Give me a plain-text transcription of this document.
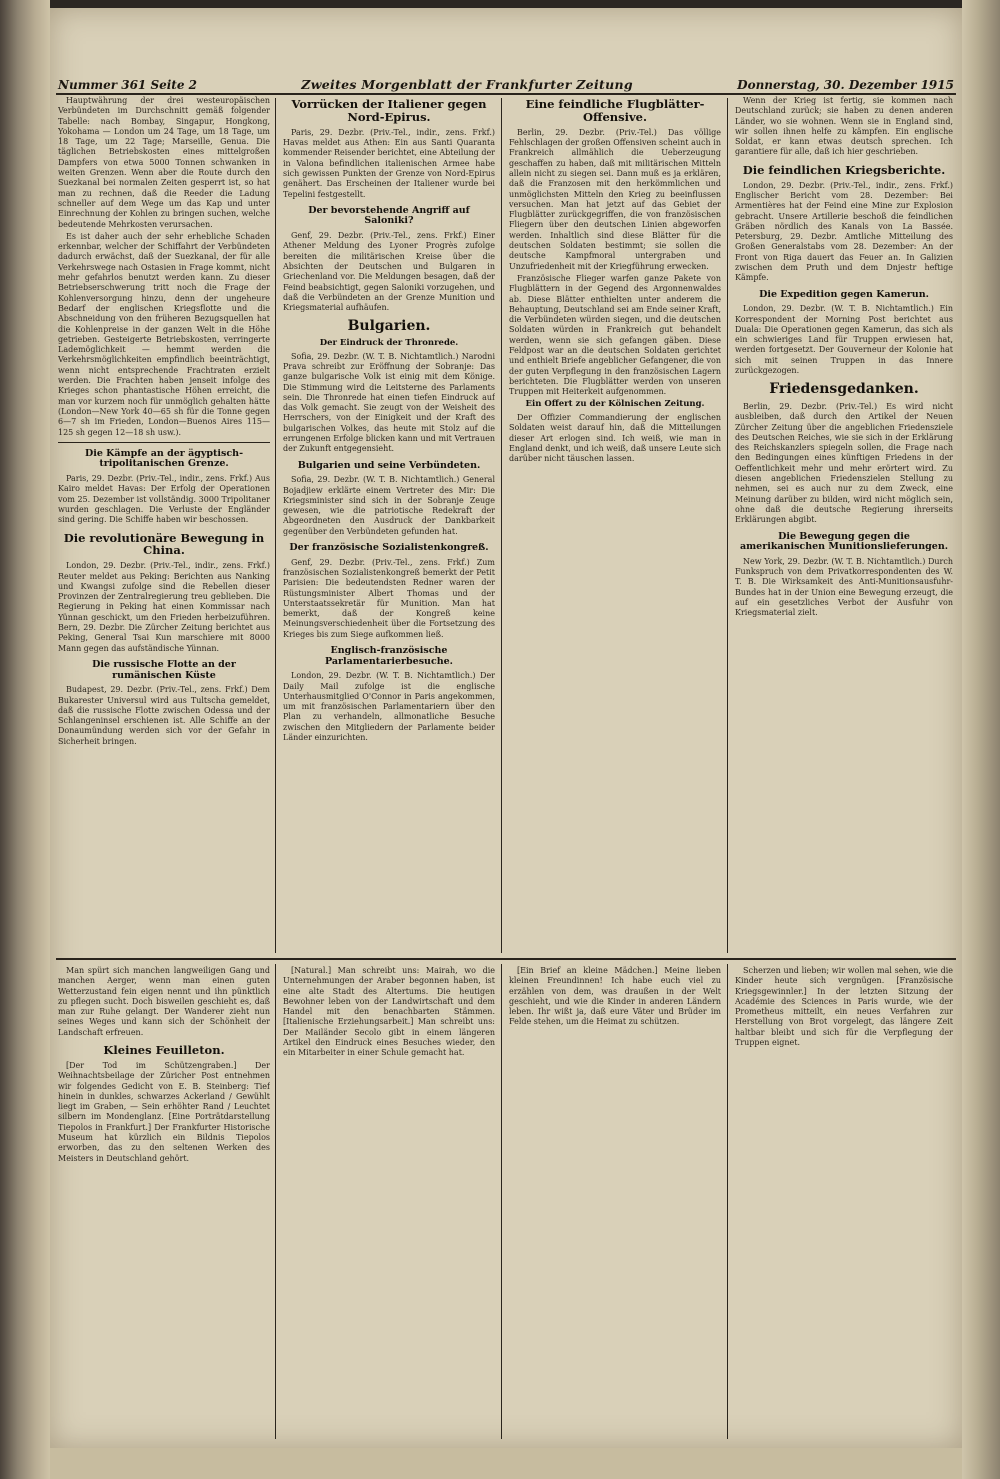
Nummer 361 Seite 2	Zweites Morgenblatt der Frankfurter Zeitung	Donnerstag, 30. Dezember 1915

Hauptwährung der drei westeuropäischen Verbündeten im Durchschnitt gemäß folgender Tabelle: nach Bombay, Singapur, Hongkong, Yokohama — London um 24 Tage, um 18 Tage, um 18 Tage, um 22 Tage; Marseille, Genua. Die täglichen Betriebskosten eines mittelgroßen Dampfers von etwa 5000 Tonnen schwanken in weiten Grenzen. Wenn aber die Route durch den Suezkanal bei normalen Zeiten gesperrt ist, so hat man zu rechnen, daß die Reeder die Ladung schneller auf dem Wege um das Kap und unter Einrechnung der Kohlen zu bringen suchen, welche bedeutende Mehrkosten verursachen.

Es ist daher auch der sehr erhebliche Schaden erkennbar, welcher der Schiffahrt der Verbündeten dadurch erwächst, daß der Suezkanal, der für alle Verkehrswege nach Ostasien in Frage kommt, nicht mehr gefahrlos benutzt werden kann. Zu dieser Betriebserschwerung tritt noch die Frage der Kohlenversorgung hinzu, denn der ungeheure Bedarf der englischen Kriegsflotte und die Abschneidung von den früheren Bezugsquellen hat die Kohlenpreise in der ganzen Welt in die Höhe getrieben. Gesteigerte Betriebskosten, verringerte Lademöglichkeit — hemmt werden die Verkehrsmöglichkeiten empfindlich beeinträchtigt, wenn nicht entsprechende Frachtraten erzielt werden. Die Frachten haben jenseit infolge des Krieges schon phantastische Höhen erreicht, die man vor kurzem noch für unmöglich gehalten hätte (London—New York 40—65 sh für die Tonne gegen 6—7 sh im Frieden, London—Buenos Aires 115—125 sh gegen 12—18 sh usw.).

Die Kämpfe an der ägyptisch-tripolitanischen Grenze.

Paris, 29. Dezbr. (Priv.-Tel., indir., zens. Frkf.) Aus Kairo meldet Havas: Der Erfolg der Operationen vom 25. Dezember ist vollständig. 3000 Tripolitaner wurden geschlagen. Die Verluste der Engländer sind gering. Die Schiffe haben wir beschossen.

Die revolutionäre Bewegung in China.

London, 29. Dezbr. (Priv.-Tel., indir., zens. Frkf.) Reuter meldet aus Peking: Berichten aus Nanking und Kwangsi zufolge sind die Rebellen dieser Provinzen der Zentralregierung treu geblieben. Die Regierung in Peking hat einen Kommissar nach Yünnan geschickt, um den Frieden herbeizuführen. Bern, 29. Dezbr. Die Zürcher Zeitung berichtet aus Peking, General Tsai Kun marschiere mit 8000 Mann gegen das aufständische Yünnan.

Die russische Flotte an der rumänischen Küste

Budapest, 29. Dezbr. (Priv.-Tel., zens. Frkf.) Dem Bukarester Universul wird aus Tultscha gemeldet, daß die russische Flotte zwischen Odessa und der Schlangeninsel erschienen ist. Alle Schiffe an der Donaumündung werden sich vor der Gefahr in Sicherheit bringen.

Vorrücken der Italiener gegen Nord-Epirus.

Paris, 29. Dezbr. (Priv.-Tel., indir., zens. Frkf.) Havas meldet aus Athen: Ein aus Santi Quaranta kommender Reisender berichtet, eine Abteilung der in Valona befindlichen italienischen Armee habe sich gewissen Punkten der Grenze von Nord-Epirus genähert. Das Erscheinen der Italiener wurde bei Tepelini festgestellt.

Der bevorstehende Angriff auf Saloniki?

Genf, 29. Dezbr. (Priv.-Tel., zens. Frkf.) Einer Athener Meldung des Lyoner Progrès zufolge bereiten die militärischen Kreise über die Absichten der Deutschen und Bulgaren in Griechenland vor. Die Meldungen besagen, daß der Feind beabsichtigt, gegen Saloniki vorzugehen, und daß die Verbündeten an der Grenze Munition und Kriegsmaterial aufhäufen.

Bulgarien.
Der Eindruck der Thronrede.

Sofia, 29. Dezbr. (W. T. B. Nichtamtlich.) Narodni Prava schreibt zur Eröffnung der Sobranje: Das ganze bulgarische Volk ist einig mit dem Könige. Die Stimmung wird die Leitsterne des Parlaments sein. Die Thronrede hat einen tiefen Eindruck auf das Volk gemacht. Sie zeugt von der Weisheit des Herrschers, von der Einigkeit und der Kraft des bulgarischen Volkes, das heute mit Stolz auf die errungenen Erfolge blicken kann und mit Vertrauen der Zukunft entgegensieht.

Bulgarien und seine Verbündeten.

Sofia, 29. Dezbr. (W. T. B. Nichtamtlich.) General Bojadjiew erklärte einem Vertreter des Mir: Die Kriegsminister sind sich in der Sobranje Zeuge gewesen, wie die patriotische Redekraft der Abgeordneten den Ausdruck der Dankbarkeit gegenüber den Verbündeten gefunden hat.

Der französische Sozialistenkongreß.

Genf, 29. Dezbr. (Priv.-Tel., zens. Frkf.) Zum französischen Sozialistenkongreß bemerkt der Petit Parisien: Die bedeutendsten Redner waren der Rüstungsminister Albert Thomas und der Unterstaatssekretär für Munition. Man hat bemerkt, daß der Kongreß keine Meinungsverschiedenheit über die Fortsetzung des Krieges bis zum Siege aufkommen ließ.

Englisch-französische Parlamentarierbesuche.

London, 29. Dezbr. (W. T. B. Nichtamtlich.) Der Daily Mail zufolge ist die englische Unterhausmitglied O'Connor in Paris angekommen, um mit französischen Parlamentariern über den Plan zu verhandeln, allmonatliche Besuche zwischen den Mitgliedern der Parlamente beider Länder einzurichten.

Eine feindliche Flugblätter-Offensive.

Berlin, 29. Dezbr. (Priv.-Tel.) Das völlige Fehlschlagen der großen Offensiven scheint auch in Frankreich allmählich die Ueberzeugung geschaffen zu haben, daß mit militärischen Mitteln allein nicht zu siegen sei. Dann muß es ja erklären, daß die Franzosen mit den herkömmlichen und unmöglichsten Mitteln den Krieg zu beeinflussen versuchen. Man hat jetzt auf das Gebiet der Flugblätter zurückgegriffen, die von französischen Fliegern über den deutschen Linien abgeworfen werden. Inhaltlich sind diese Blätter für die deutschen Soldaten bestimmt; sie sollen die deutsche Kampfmoral untergraben und Unzufriedenheit mit der Kriegführung erwecken.

Französische Flieger warfen ganze Pakete von Flugblättern in der Gegend des Argonnenwaldes ab. Diese Blätter enthielten unter anderem die Behauptung, Deutschland sei am Ende seiner Kraft, die Verbündeten würden siegen, und die deutschen Soldaten würden in Frankreich gut behandelt werden, wenn sie sich gefangen gäben. Diese Feldpost war an die deutschen Soldaten gerichtet und enthielt Briefe angeblicher Gefangener, die von der guten Verpflegung in den französischen Lagern berichteten. Die Flugblätter werden von unseren Truppen mit Heiterkeit aufgenommen.

Ein Offert zu der Kölnischen Zeitung.

Der Offizier Commandierung der englischen Soldaten weist darauf hin, daß die Mitteilungen dieser Art erlogen sind. Ich weiß, wie man in England denkt, und ich weiß, daß unsere Leute sich darüber nicht täuschen lassen.

Wenn der Krieg ist fertig, sie kommen nach Deutschland zurück; sie haben zu denen anderen Länder, wo sie wohnen. Wenn sie in England sind, wir sollen ihnen helfe zu kämpfen. Ein englische Soldat, er kann etwas deutsch sprechen. Ich garantiere für alle, daß ich hier geschrieben.

Die feindlichen Kriegsberichte.

London, 29. Dezbr. (Priv.-Tel., indir., zens. Frkf.) Englischer Bericht vom 28. Dezember: Bei Armentières hat der Feind eine Mine zur Explosion gebracht. Unsere Artillerie beschoß die feindlichen Gräben nördlich des Kanals von La Bassée. Petersburg, 29. Dezbr. Amtliche Mitteilung des Großen Generalstabs vom 28. Dezember: An der Front von Riga dauert das Feuer an. In Galizien zwischen dem Pruth und dem Dnjestr heftige Kämpfe.

Die Expedition gegen Kamerun.

London, 29. Dezbr. (W. T. B. Nichtamtlich.) Ein Korrespondent der Morning Post berichtet aus Duala: Die Operationen gegen Kamerun, das sich als ein schwieriges Land für Truppen erwiesen hat, werden fortgesetzt. Der Gouverneur der Kolonie hat sich mit seinen Truppen in das Innere zurückgezogen.

Friedensgedanken.

Berlin, 29. Dezbr. (Priv.-Tel.) Es wird nicht ausbleiben, daß durch den Artikel der Neuen Zürcher Zeitung über die angeblichen Friedensziele des Deutschen Reiches, wie sie sich in der Erklärung des Reichskanzlers spiegeln sollen, die Frage nach den Bedingungen eines künftigen Friedens in der Oeffentlichkeit mehr und mehr erörtert wird. Zu diesen angeblichen Friedenszielen Stellung zu nehmen, sei es auch nur zu dem Zweck, eine Meinung darüber zu bilden, wird nicht möglich sein, ohne daß die deutsche Regierung ihrerseits Erklärungen abgibt.

Die Bewegung gegen die amerikanischen Munitionslieferungen.

New York, 29. Dezbr. (W. T. B. Nichtamtlich.) Durch Funkspruch von dem Privatkorrespondenten des W. T. B. Die Wirksamkeit des Anti-Munitionsausfuhr-Bundes hat in der Union eine Bewegung erzeugt, die auf ein gesetzliches Verbot der Ausfuhr von Kriegsmaterial zielt.

Man spürt sich manchen langweiligen Gang und manchen Aerger, wenn man einen guten Wetterzustand fein eigen nennt und ihn pünktlich zu pflegen sucht. Doch bisweilen geschieht es, daß man zur Ruhe gelangt. Der Wanderer zieht nun seines Weges und kann sich der Schönheit der Landschaft erfreuen.

Kleines Feuilleton.

[Der Tod im Schützengraben.] Der Weihnachtsbeilage der Züricher Post entnehmen wir folgendes Gedicht von E. B. Steinberg: Tief hinein in dunkles, schwarzes Ackerland / Gewühlt liegt im Graben, — Sein erhöhter Rand / Leuchtet silbern im Mondenglanz. [Eine Porträtdarstellung Tiepolos in Frankfurt.] Der Frankfurter Historische Museum hat kürzlich ein Bildnis Tiepolos erworben, das zu den seltenen Werken des Meisters in Deutschland gehört.

[Natural.] Man schreibt uns: Mairah, wo die Unternehmungen der Araber begonnen haben, ist eine alte Stadt des Altertums. Die heutigen Bewohner leben von der Landwirtschaft und dem Handel mit den benachbarten Stämmen. [Italienische Erziehungsarbeit.] Man schreibt uns: Der Mailänder Secolo gibt in einem längeren Artikel den Eindruck eines Besuches wieder, den ein Mitarbeiter in einer Schule gemacht hat.

[Ein Brief an kleine Mädchen.] Meine lieben kleinen Freundinnen! Ich habe euch viel zu erzählen von dem, was draußen in der Welt geschieht, und wie die Kinder in anderen Ländern leben. Ihr wißt ja, daß eure Väter und Brüder im Felde stehen, um die Heimat zu schützen.

Scherzen und lieben; wir wollen mal sehen, wie die Kinder heute sich vergnügen. [Französische Kriegsgewinnler.] In der letzten Sitzung der Académie des Sciences in Paris wurde, wie der Prometheus mitteilt, ein neues Verfahren zur Herstellung von Brot vorgelegt, das längere Zeit haltbar bleibt und sich für die Verpflegung der Truppen eignet.
